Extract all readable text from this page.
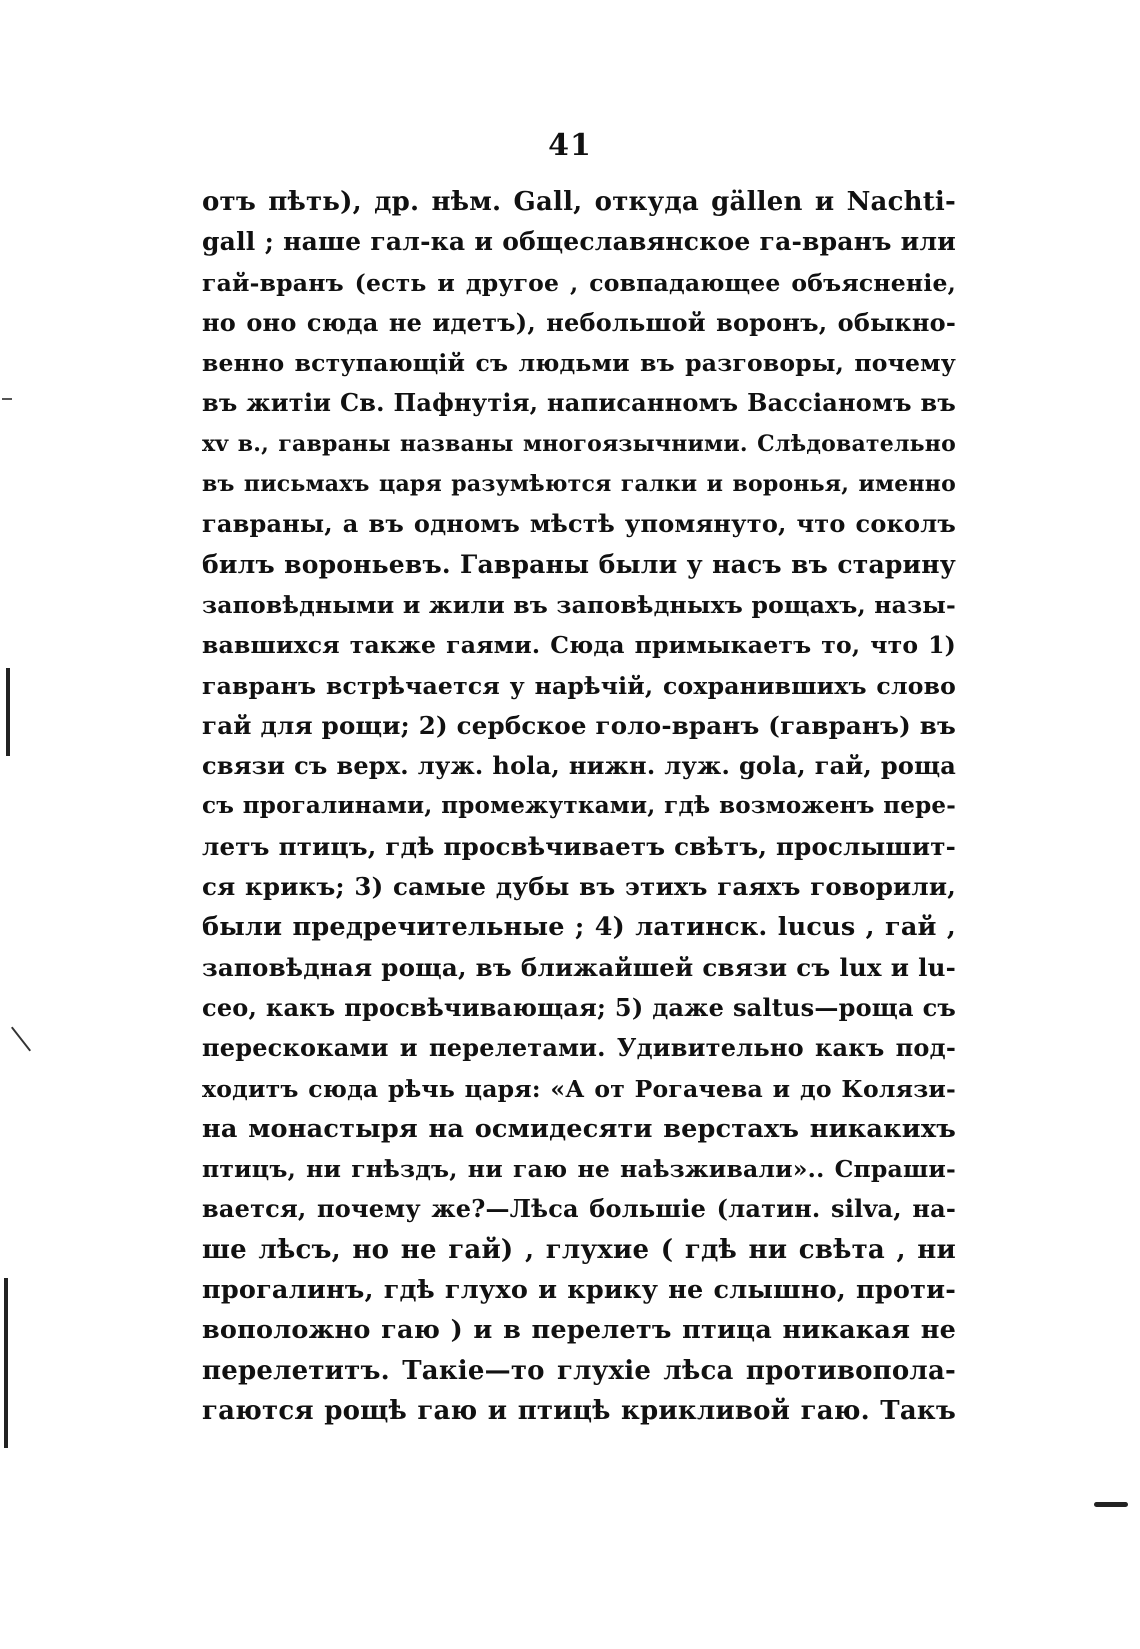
41
отъ пѣть), др. нѣм. Gall, откуда gällen и Nachti-
gall ; наше гал-ка и общеславянское га-вранъ или
гай-вранъ (есть и другое , совпадающее объясненіе,
но оно сюда не идетъ), небольшой воронъ, обыкно-
венно вступающій съ людьми въ разговоры, почему
въ житіи Св. Пафнутія, написанномъ Вассіаномъ въ
xv в., гавраны названы многоязычними. Слѣдовательно
въ письмахъ царя разумѣются галки и воронья, именно
гавраны, а въ одномъ мѣстѣ упомянуто, что соколъ
билъ вороньевъ. Гавраны были у насъ въ старину
заповѣдными и жили въ заповѣдныхъ рощахъ, назы-
вавшихся также гаями. Сюда примыкаетъ то, что 1)
гавранъ встрѣчается у нарѣчій, сохранившихъ слово
гай для рощи; 2) сербское голо-вранъ (гавранъ) въ
связи съ верх. луж. hola, нижн. луж. gola, гай, роща
съ прогалинами, промежутками, гдѣ возможенъ пере-
летъ птицъ, гдѣ просвѣчиваетъ свѣтъ, прослышит-
ся крикъ; 3) самые дубы въ этихъ гаяхъ говорили,
были предречительные ; 4) латинск. lucus , гай ,
заповѣдная роща, въ ближайшей связи съ lux и lu-
ceo, какъ просвѣчивающая; 5) даже saltus—роща съ
перескоками и перелетами. Удивительно какъ под-
ходитъ сюда рѣчь царя: «А от Рогачева и до Колязи-
на монастыря на осмидесяти верстахъ никакихъ
птицъ, ни гнѣздъ, ни гаю не наѣзживали».. Спраши-
вается, почему же?—Лѣса большіе (латин. silva, на-
ше лѣсъ, но не гай) , глухие ( гдѣ ни свѣта , ни
прогалинъ, гдѣ глухо и крику не слышно, проти-
воположно гаю ) и в перелетъ птица никакая не
перелетитъ. Такіе—то глухіе лѣса противопола-
гаются рощѣ гаю и птицѣ крикливой гаю. Такъ
